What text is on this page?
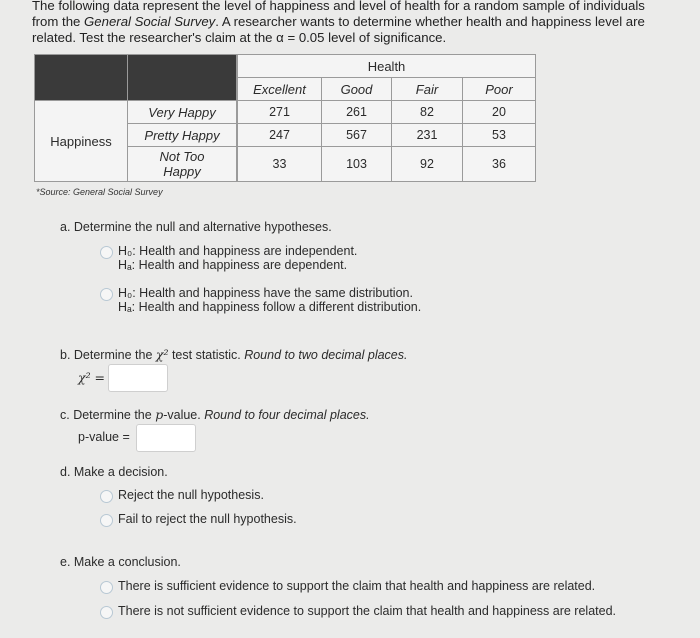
The following data represent the level of happiness and level of health for a random sample of individuals
from the General Social Survey. A researcher wants to determine whether health and happiness level are
related. Test the researcher's claim at the α = 0.05 level of significance.
			Health			
		Excellent	Good	Fair	Poor
Happiness	Very Happy		271	261	82	20
	Pretty Happy		247	567	231	53
	Not Too
Happy		33	103	92	36
*Source: General Social Survey
a. Determine the null and alternative hypotheses.
H₀: Health and happiness are independent.
Hₐ: Health and happiness are dependent.
H₀: Health and happiness have the same distribution.
Hₐ: Health and happiness follow a different distribution.
b. Determine the χ² test statistic. Round to two decimal places.
χ² =
c. Determine the p-value. Round to four decimal places.
p-value =
d. Make a decision.
Reject the null hypothesis.
Fail to reject the null hypothesis.
e. Make a conclusion.
There is sufficient evidence to support the claim that health and happiness are related.
There is not sufficient evidence to support the claim that health and happiness are related.
